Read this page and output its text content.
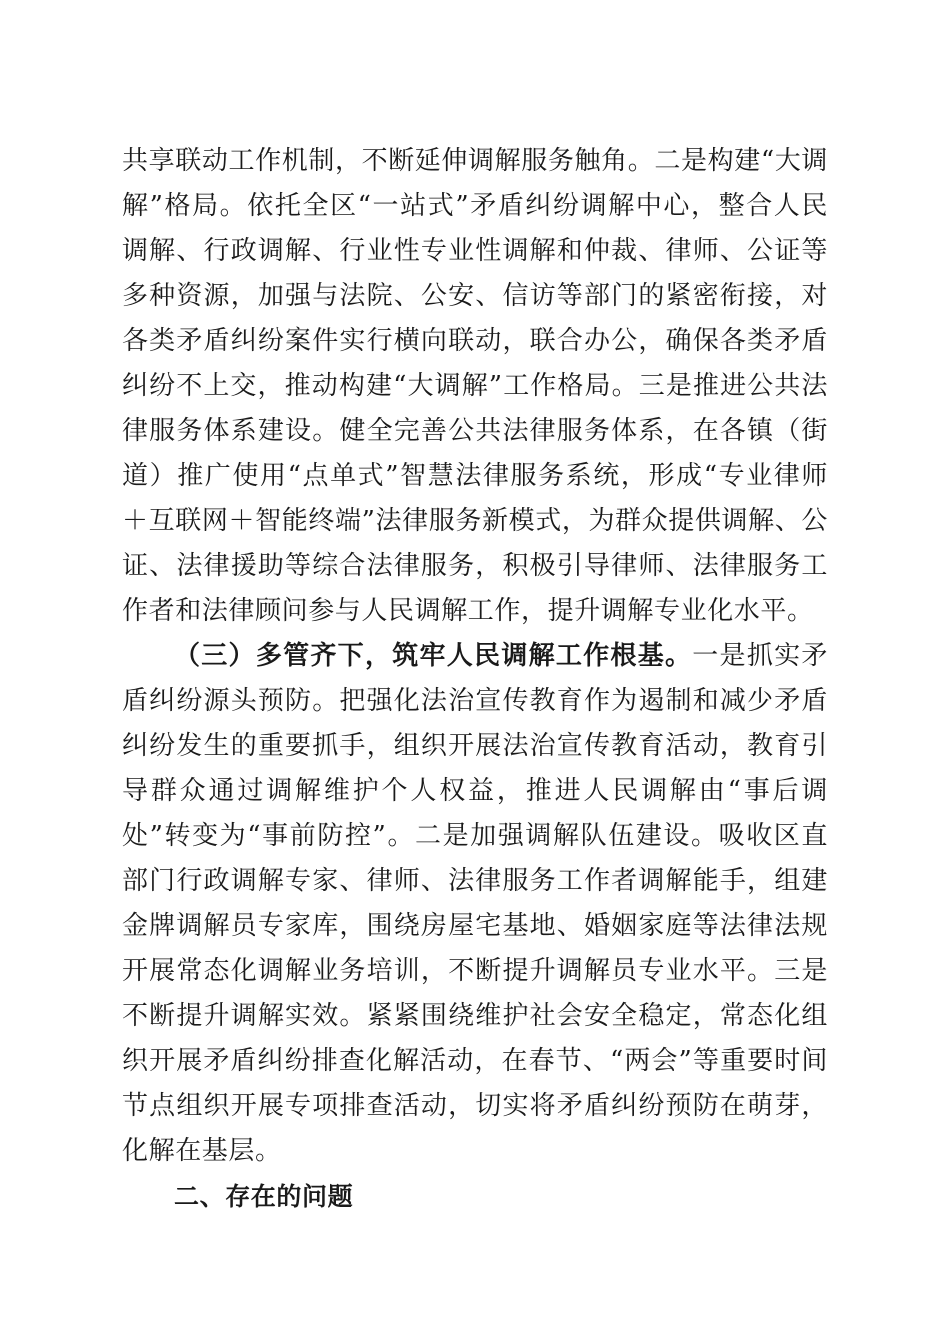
共享联动工作机制，不断延伸调解服务触角。二是构建“大调解”格局。依托全区“一站式”矛盾纠纷调解中心，整合人民调解、行政调解、行业性专业性调解和仲裁、律师、公证等多种资源，加强与法院、公安、信访等部门的紧密衔接，对各类矛盾纠纷案件实行横向联动，联合办公，确保各类矛盾纠纷不上交，推动构建“大调解”工作格局。三是推进公共法律服务体系建设。健全完善公共法律服务体系，在各镇（街道）推广使用“点单式”智慧法律服务系统，形成“专业律师＋互联网＋智能终端”法律服务新模式，为群众提供调解、公证、法律援助等综合法律服务，积极引导律师、法律服务工作者和法律顾问参与人民调解工作，提升调解专业化水平。

（三）多管齐下，筑牢人民调解工作根基。一是抓实矛盾纠纷源头预防。把强化法治宣传教育作为遏制和减少矛盾纠纷发生的重要抓手，组织开展法治宣传教育活动，教育引导群众通过调解维护个人权益，推进人民调解由“事后调处”转变为“事前防控”。二是加强调解队伍建设。吸收区直部门行政调解专家、律师、法律服务工作者调解能手，组建金牌调解员专家库，围绕房屋宅基地、婚姻家庭等法律法规开展常态化调解业务培训，不断提升调解员专业水平。三是不断提升调解实效。紧紧围绕维护社会安全稳定，常态化组织开展矛盾纠纷排查化解活动，在春节、“两会”等重要时间节点组织开展专项排查活动，切实将矛盾纠纷预防在萌芽，化解在基层。

二、存在的问题
